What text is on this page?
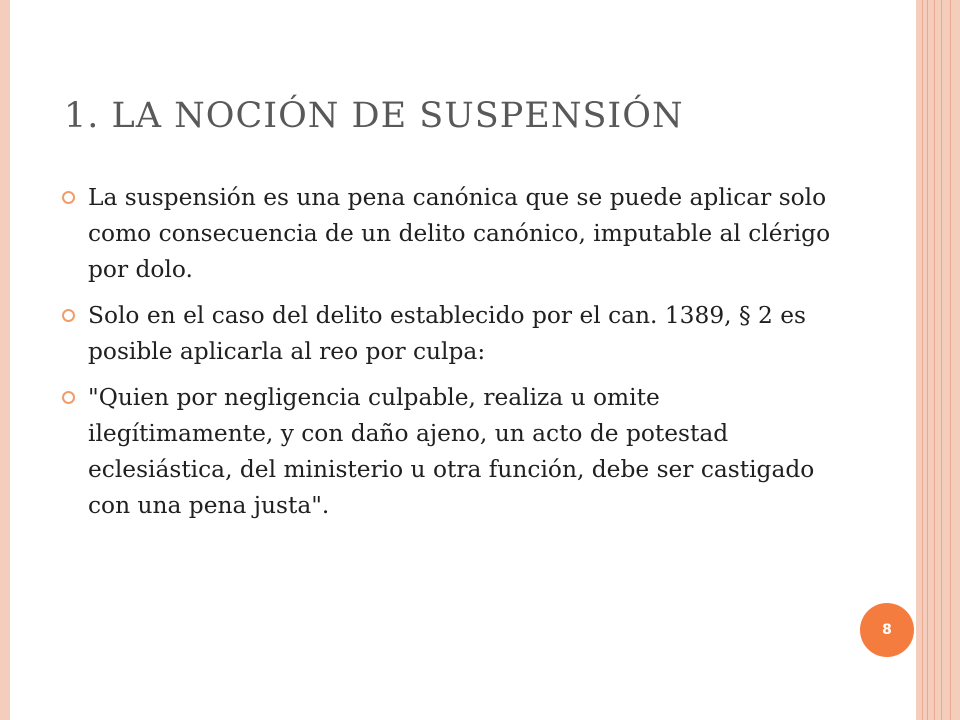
1. LA NOCIÓN DE SUSPENSIÓN
La suspensión es una pena canónica que se puede aplicar solo como consecuencia de un delito canónico, imputable al clérigo por dolo.
Solo en el caso del delito establecido por el can. 1389, § 2 es posible aplicarla al reo por culpa:
"Quien por negligencia culpable, realiza u omite ilegítimamente, y con daño ajeno, un acto de potestad eclesiástica, del ministerio u otra función, debe ser castigado con una pena justa".
8
